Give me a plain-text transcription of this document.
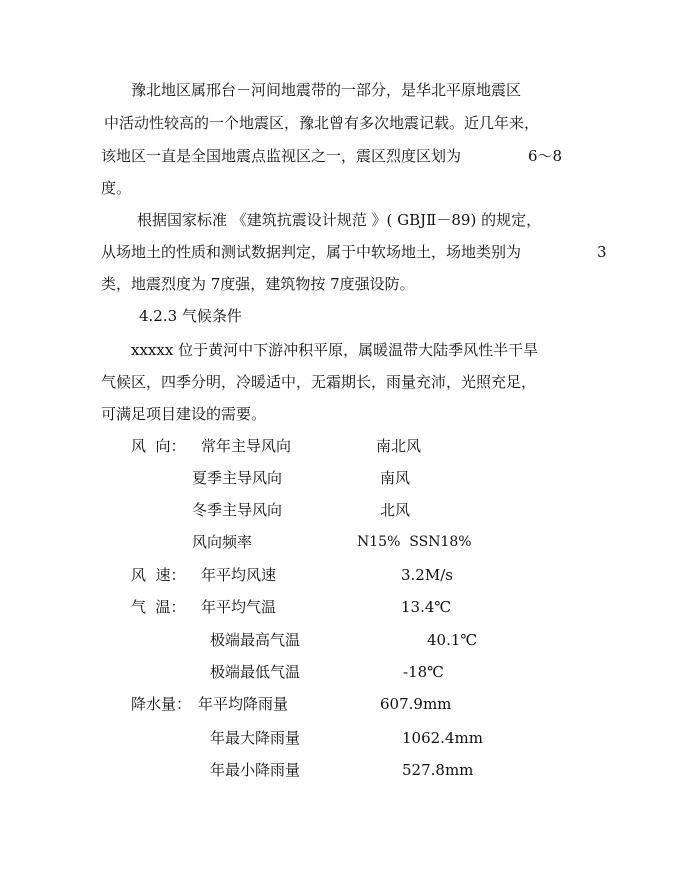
豫北地区属邢台－河间地震带的一部分，是华北平原地震区
中活动性较高的一个地震区，豫北曾有多次地震记载。近几年来，
该地区一直是全国地震点监视区之一，震区烈度区划为	6～8
度。
根据国家标准 《建筑抗震设计规范 》( GBJⅡ－89) 的规定，
从场地土的性质和测试数据判定，属于中软场地土，场地类别为	3
类，地震烈度为 7度强，建筑物按 7度强设防。
4.2.3 气候条件
xxxxx 位于黄河中下游冲积平原，属暖温带大陆季风性半干旱
气候区，四季分明，冷暖适中，无霜期长，雨量充沛，光照充足，
可满足项目建设的需要。
风  向： 常年主导风向	南北风
夏季主导风向	南风
冬季主导风向	北风
风向频率	N15%  SSN18%
风  速： 年平均风速	3.2M/s
气  温： 年平均气温	13.4℃
极端最高气温	40.1℃
极端最低气温	-18℃
降水量： 年平均降雨量	607.9mm
年最大降雨量	1062.4mm
年最小降雨量	527.8mm
